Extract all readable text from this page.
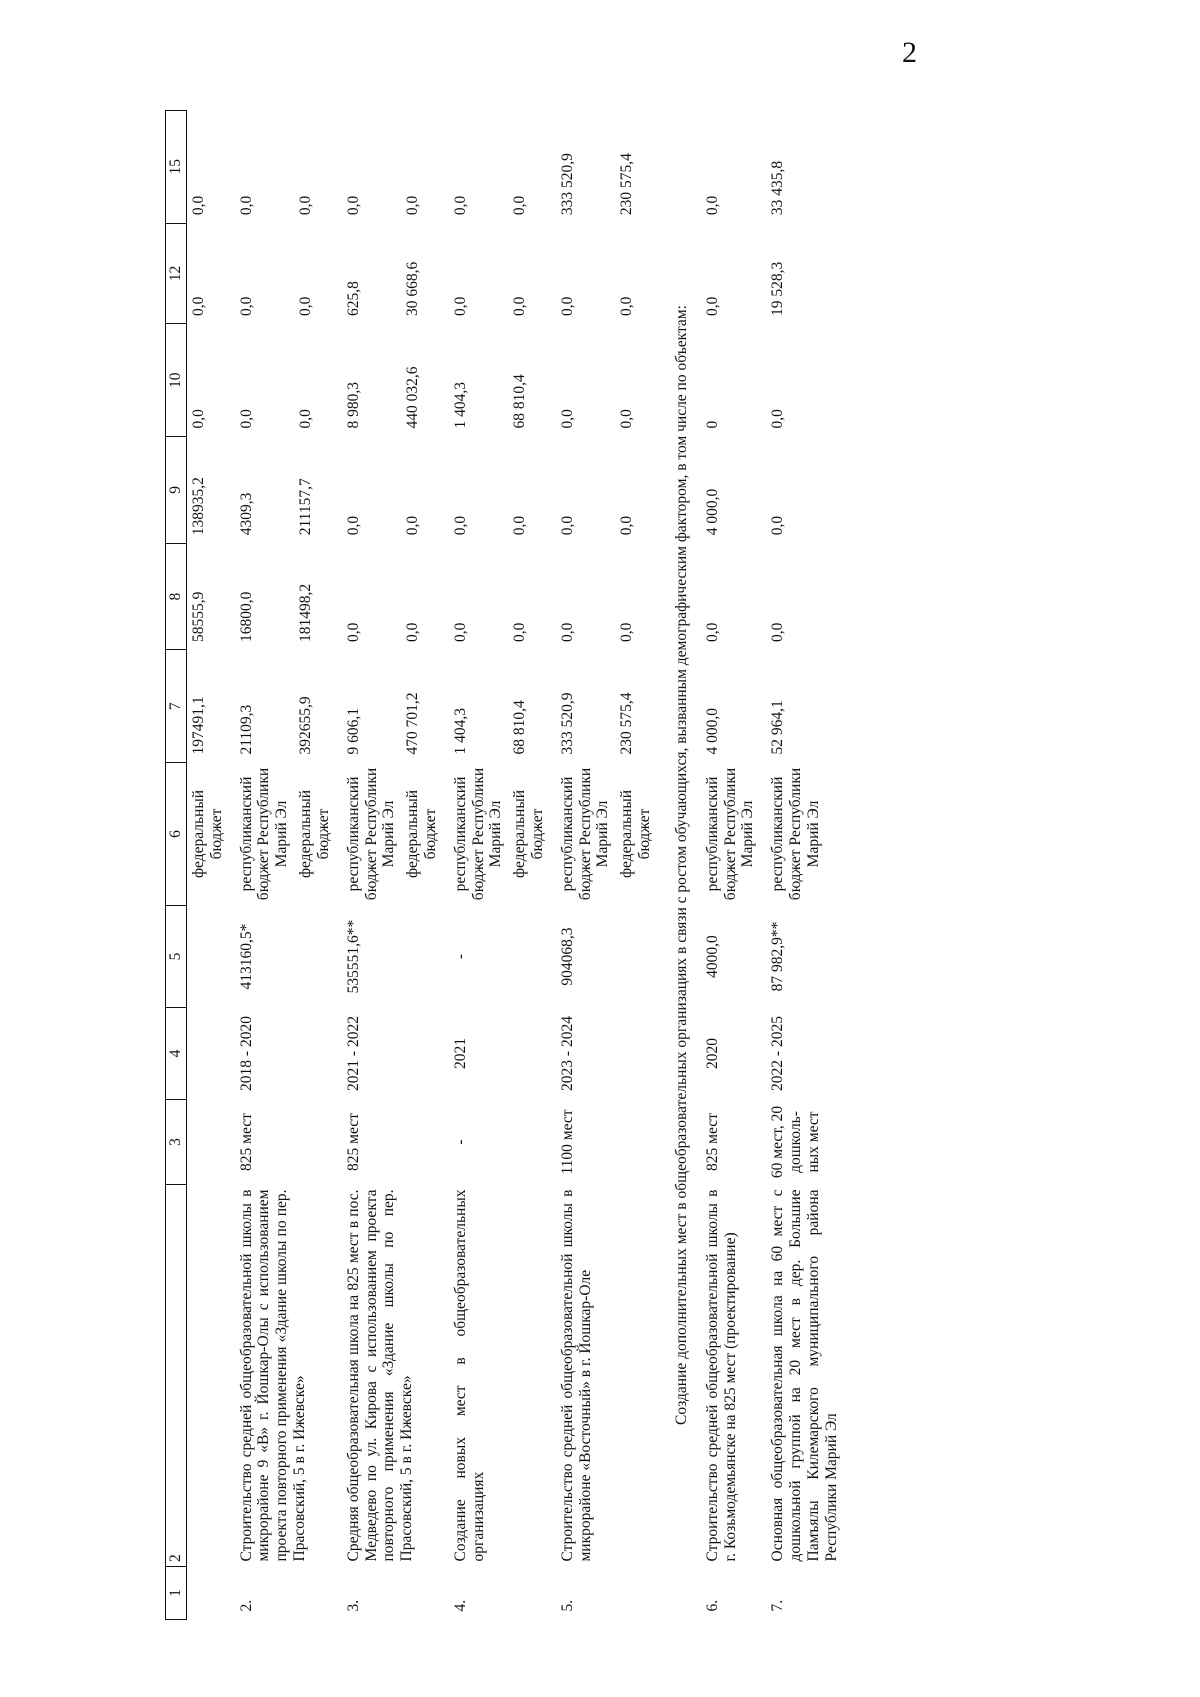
2
1	2	3	4	5	6	7	8	9	10	12	15
					федеральный бюджет	197491,1	58555,9	138935,2	0,0	0,0	0,0

2.	Строительство средней общеобразовательной школы в микрорайоне 9 «В» г. Йошкар-Олы с использованием проекта повторного применения «Здание школы по пер. Прасовский, 5 в г. Ижевске»	825 мест	2018 - 2020	413160,5*	республиканский бюджет Республики Марий Эл	21109,3	16800,0	4309,3	0,0	0,0	0,0
					федеральный бюджет	392655,9	181498,2	211157,7	0,0	0,0	0,0

3.	Средняя общеобразовательная школа на 825 мест в пос. Медведево по ул. Кирова с использованием проекта повторного применения «Здание школы по пер. Прасовский, 5 в г. Ижевске»	825 мест	2021 - 2022	535551,6**	республиканский бюджет Республики Марий Эл	9 606,1	0,0	0,0	8 980,3	625,8	0,0
					федеральный бюджет	470 701,2	0,0	0,0	440 032,6	30 668,6	0,0

4.	Создание новых мест в общеобразовательных организациях	-	2021	-	республиканский бюджет Республики Марий Эл	1 404,3	0,0	0,0	1 404,3	0,0	0,0
					федеральный бюджет	68 810,4	0,0	0,0	68 810,4	0,0	0,0

5.	Строительство средней общеобразовательной школы в микрорайоне «Восточный» в г. Йошкар-Оле	1100 мест	2023 - 2024	904068,3	республиканский бюджет Республики Марий Эл	333 520,9	0,0	0,0	0,0	0,0	333 520,9
					федеральный бюджет	230 575,4	0,0	0,0	0,0	0,0	230 575,4

Создание дополнительных мест в общеобразовательных организациях в связи с ростом обучающихся, вызванным демографическим фактором, в том числе по объектам:											
6.	Строительство средней общеобразовательной школы в г. Козьмодемьянске на 825 мест (проектирование)	825 мест	2020	4000,0	республиканский бюджет Республики Марий Эл	4 000,0	0,0	4 000,0	0	0,0	0,0

7.	Основная общеобразовательная школа на 60 мест с дошкольной группой на 20 мест в дер. Большие Памъялы Килемарского муниципального района Республики Марий Эл	60 мест, 20 дошколь-ных мест	2022 - 2025	87 982,9**	республиканский бюджет Республики Марий Эл	52 964,1	0,0	0,0	0,0	19 528,3	33 435,8
